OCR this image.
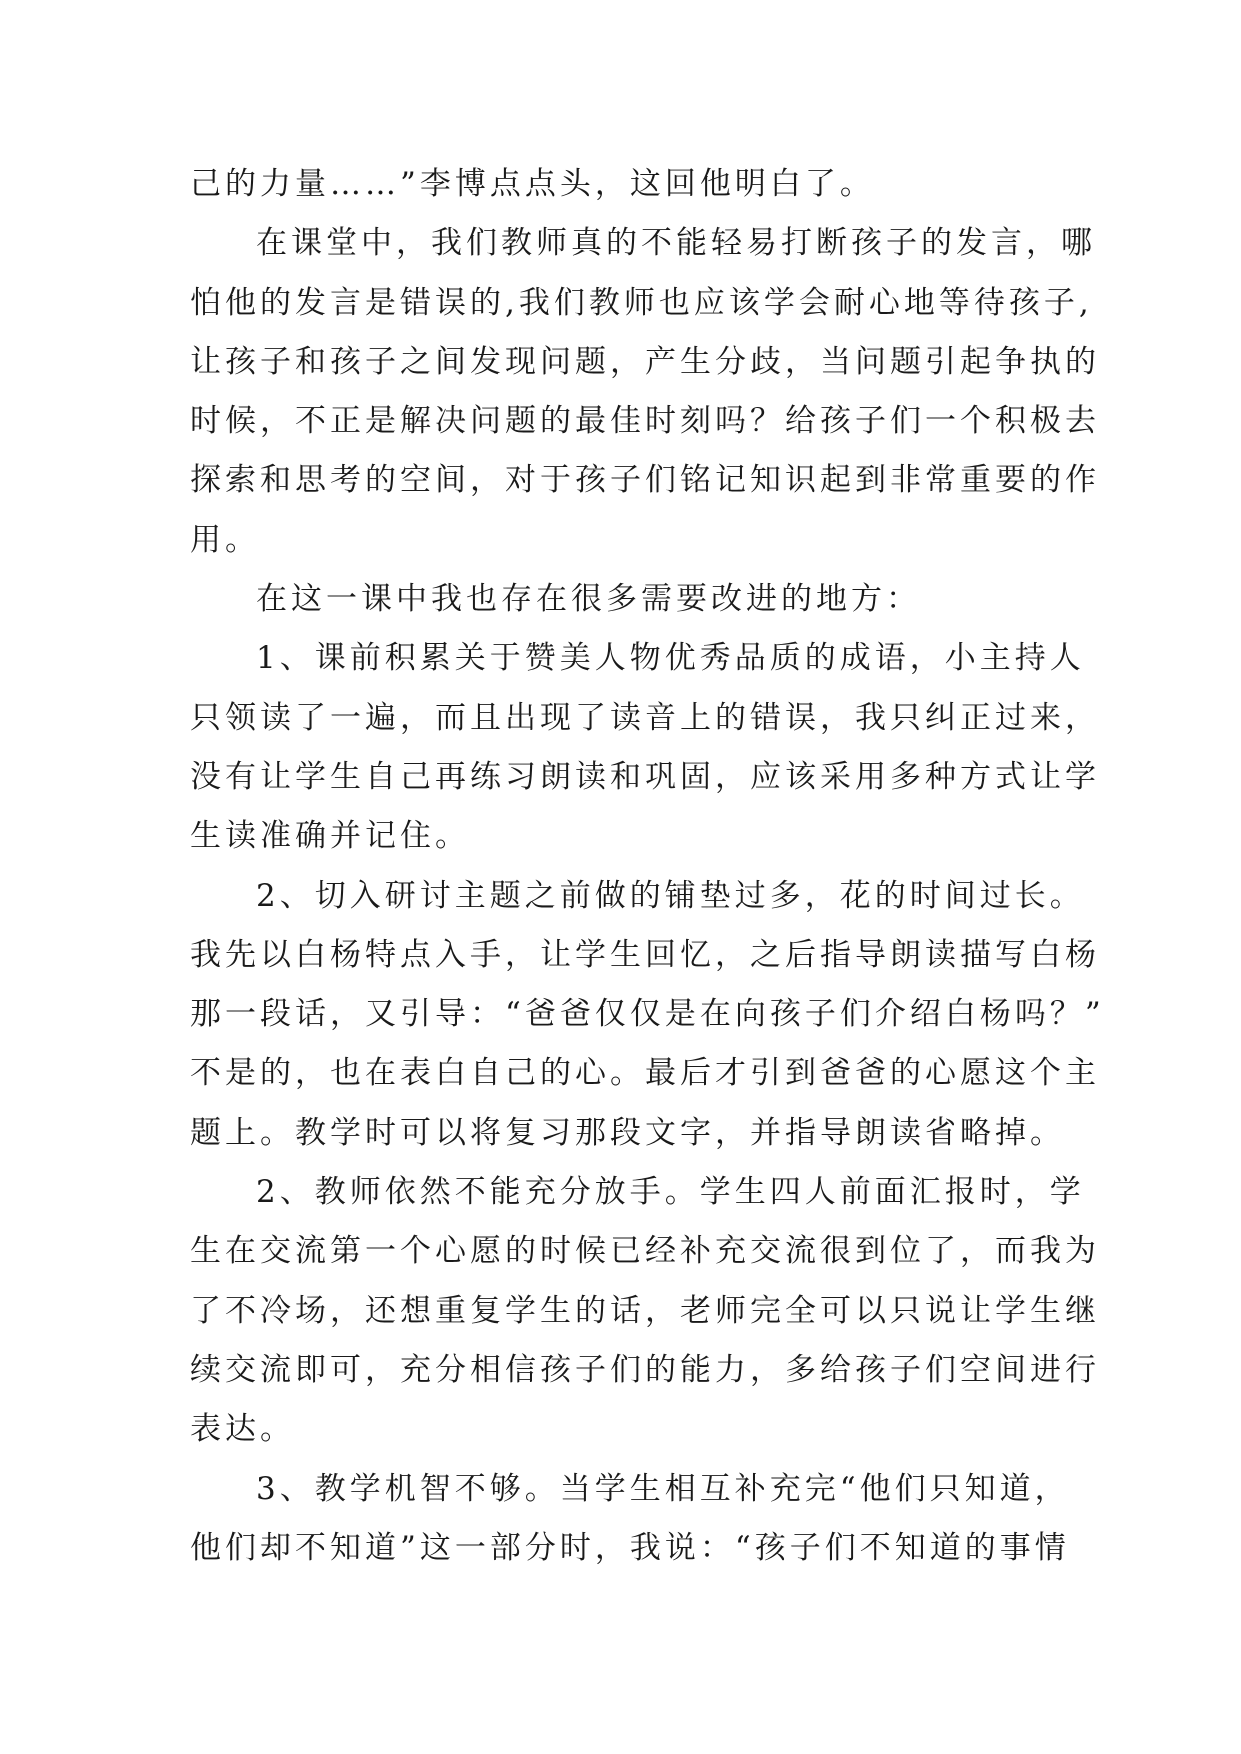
己的力量……”李博点点头，这回他明白了。
在课堂中，我们教师真的不能轻易打断孩子的发言，哪
怕他的发言是错误的,我们教师也应该学会耐心地等待孩子,
让孩子和孩子之间发现问题，产生分歧，当问题引起争执的
时候，不正是解决问题的最佳时刻吗？给孩子们一个积极去
探索和思考的空间，对于孩子们铭记知识起到非常重要的作
用。
在这一课中我也存在很多需要改进的地方：
1、课前积累关于赞美人物优秀品质的成语，小主持人
只领读了一遍，而且出现了读音上的错误，我只纠正过来，
没有让学生自己再练习朗读和巩固，应该采用多种方式让学
生读准确并记住。
2、切入研讨主题之前做的铺垫过多，花的时间过长。
我先以白杨特点入手，让学生回忆，之后指导朗读描写白杨
那一段话，又引导：“爸爸仅仅是在向孩子们介绍白杨吗？”
不是的，也在表白自己的心。最后才引到爸爸的心愿这个主
题上。教学时可以将复习那段文字，并指导朗读省略掉。
2、教师依然不能充分放手。学生四人前面汇报时，学
生在交流第一个心愿的时候已经补充交流很到位了，而我为
了不冷场，还想重复学生的话，老师完全可以只说让学生继
续交流即可，充分相信孩子们的能力，多给孩子们空间进行
表达。
3、教学机智不够。当学生相互补充完“他们只知道，
他们却不知道”这一部分时，我说：“孩子们不知道的事情
